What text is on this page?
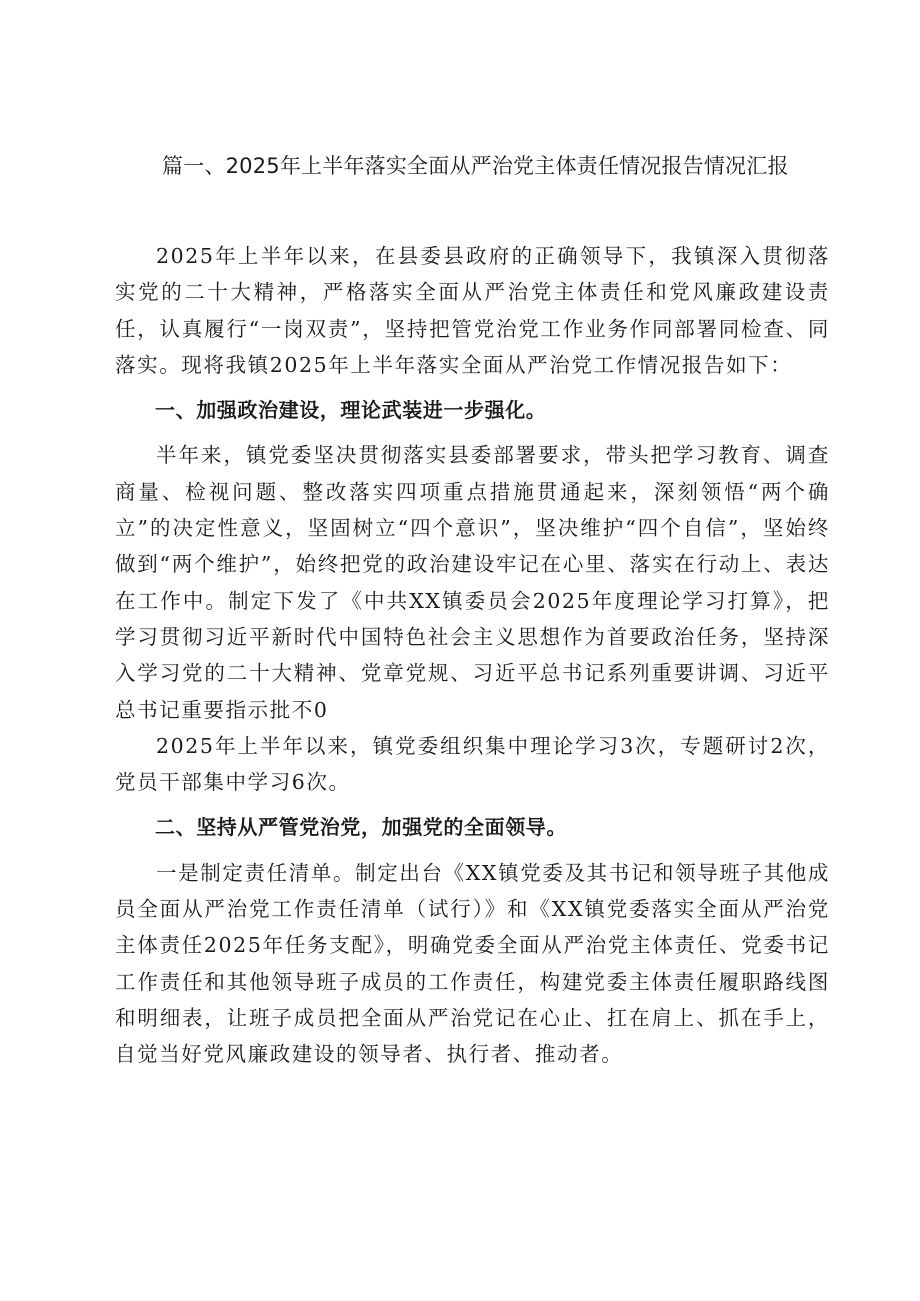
篇一、2025年上半年落实全面从严治党主体责任情况报告情况汇报

2025年上半年以来，在县委县政府的正确领导下，我镇深入贯彻落实党的二十大精神，严格落实全面从严治党主体责任和党风廉政建设责任，认真履行“一岗双责”，坚持把管党治党工作业务作同部署同检查、同落实。现将我镇2025年上半年落实全面从严治党工作情况报告如下：

一、加强政治建设，理论武装进一步强化。

半年来，镇党委坚决贯彻落实县委部署要求，带头把学习教育、调查商量、检视问题、整改落实四项重点措施贯通起来，深刻领悟“两个确立”的决定性意义，坚固树立“四个意识”，坚决维护“四个自信”，坚始终做到“两个维护”，始终把党的政治建设牢记在心里、落实在行动上、表达在工作中。制定下发了《中共XX镇委员会2025年度理论学习打算》，把学习贯彻习近平新时代中国特色社会主义思想作为首要政治任务，坚持深入学习党的二十大精神、党章党规、习近平总书记系列重要讲调、习近平总书记重要指示批不0

2025年上半年以来，镇党委组织集中理论学习3次，专题研讨2次，党员干部集中学习6次。

二、坚持从严管党治党，加强党的全面领导。

一是制定责任清单。制定出台《XX镇党委及其书记和领导班子其他成员全面从严治党工作责任清单（试行）》和《XX镇党委落实全面从严治党主体责任2025年任务支配》，明确党委全面从严治党主体责任、党委书记工作责任和其他领导班子成员的工作责任，构建党委主体责任履职路线图和明细表，让班子成员把全面从严治党记在心止、扛在肩上、抓在手上，自觉当好党风廉政建设的领导者、执行者、推动者。
